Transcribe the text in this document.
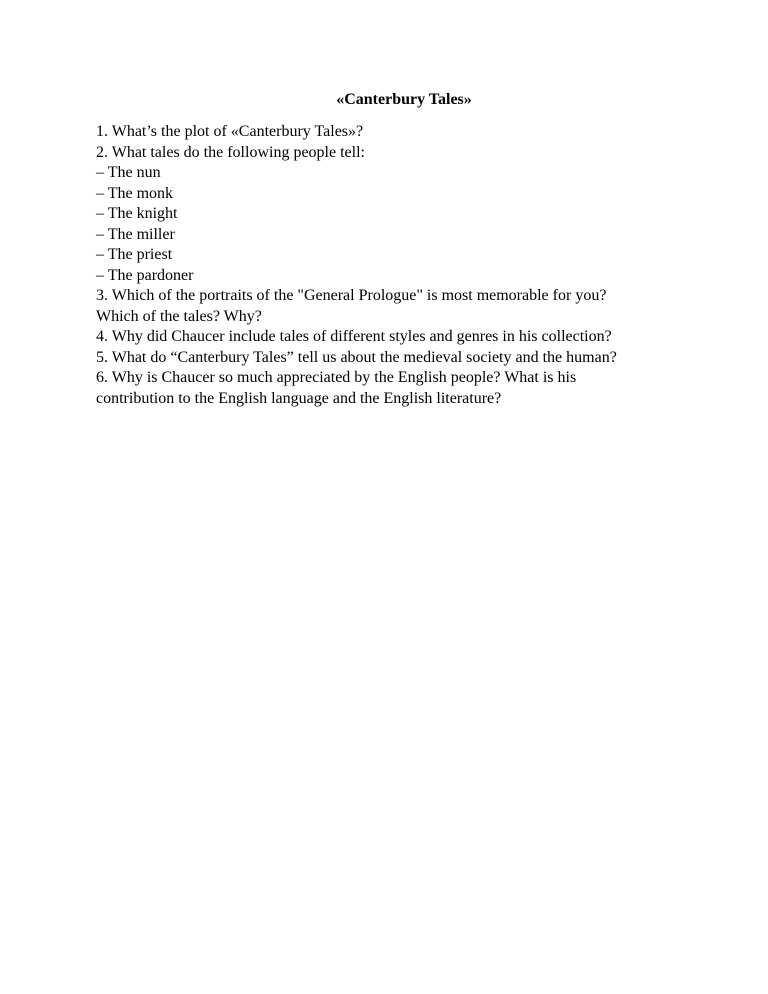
«Canterbury Tales»
1. What’s the plot of «Canterbury Tales»?
2. What tales do the following people tell:
– The nun
– The monk
– The knight
– The miller
– The priest
– The pardoner
3. Which of the portraits of the "General Prologue" is most memorable for you?
Which of the tales? Why?
4. Why did Chaucer include tales of different styles and genres in his collection?
5. What do “Canterbury Tales” tell us about the medieval society and the human?
6. Why is Chaucer so much appreciated by the English people? What is his
contribution to the English language and the English literature?
